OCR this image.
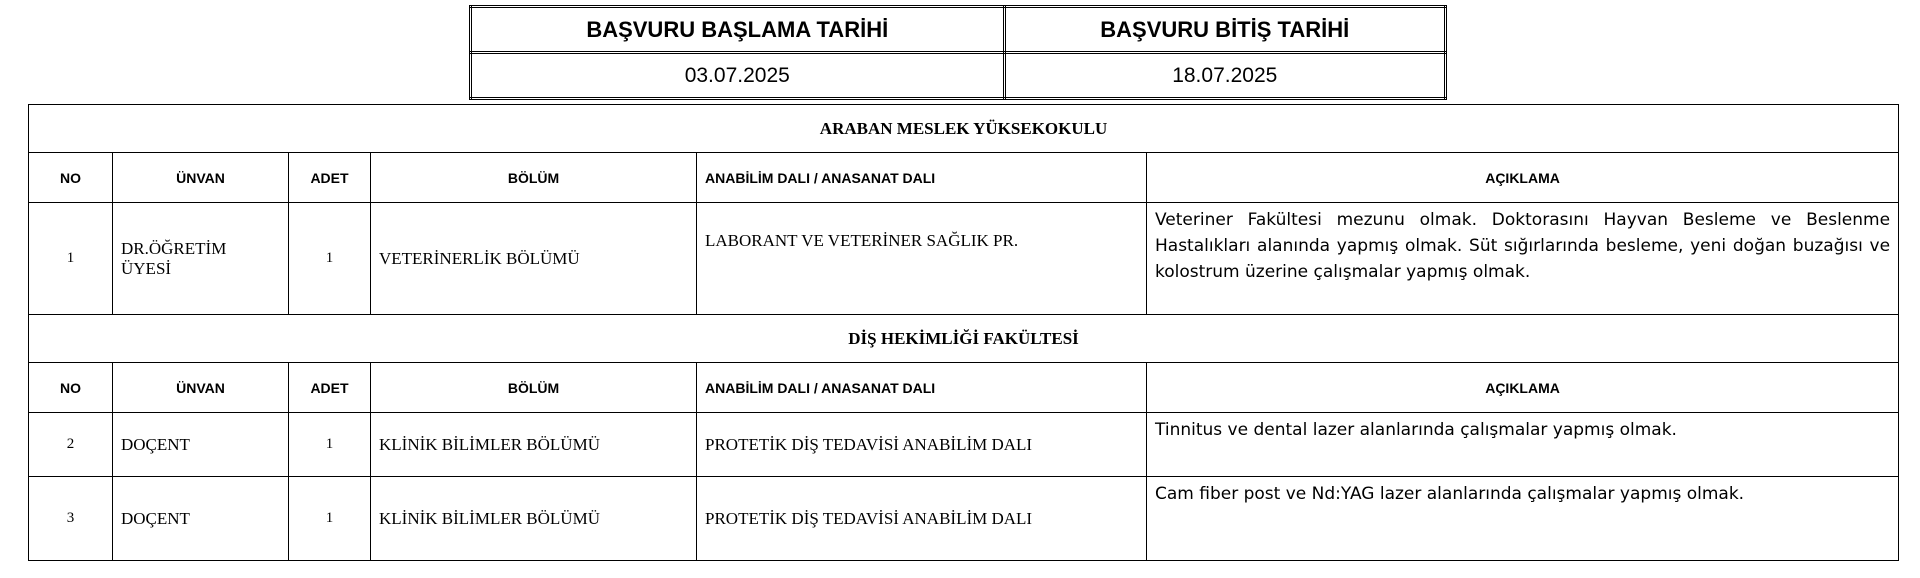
BAŞVURU BAŞLAMA TARİHİ	BAŞVURU BİTİŞ TARİHİ
03.07.2025	18.07.2025
ARABAN MESLEK YÜKSEKOKULU					
NO	ÜNVAN	ADET	BÖLÜM	ANABİLİM DALI / ANASANAT DALI	AÇIKLAMA
1	DR.ÖĞRETİM ÜYESİ	1	VETERİNERLİK BÖLÜMÜ	LABORANT VE VETERİNER SAĞLIK PR.	Veteriner Fakültesi mezunu olmak. Doktorasını Hayvan Besleme ve Beslenme Hastalıkları alanında yapmış olmak. Süt sığırlarında besleme, yeni doğan buzağısı ve kolostrum üzerine çalışmalar yapmış olmak.
DİŞ HEKİMLİĞİ FAKÜLTESİ					
NO	ÜNVAN	ADET	BÖLÜM	ANABİLİM DALI / ANASANAT DALI	AÇIKLAMA
2	DOÇENT	1	KLİNİK BİLİMLER BÖLÜMÜ	PROTETİK DİŞ TEDAVİSİ ANABİLİM DALI	Tinnitus ve dental lazer alanlarında çalışmalar yapmış olmak.
3	DOÇENT	1	KLİNİK BİLİMLER BÖLÜMÜ	PROTETİK DİŞ TEDAVİSİ ANABİLİM DALI	Cam fiber post ve Nd:YAG lazer alanlarında çalışmalar yapmış olmak.
